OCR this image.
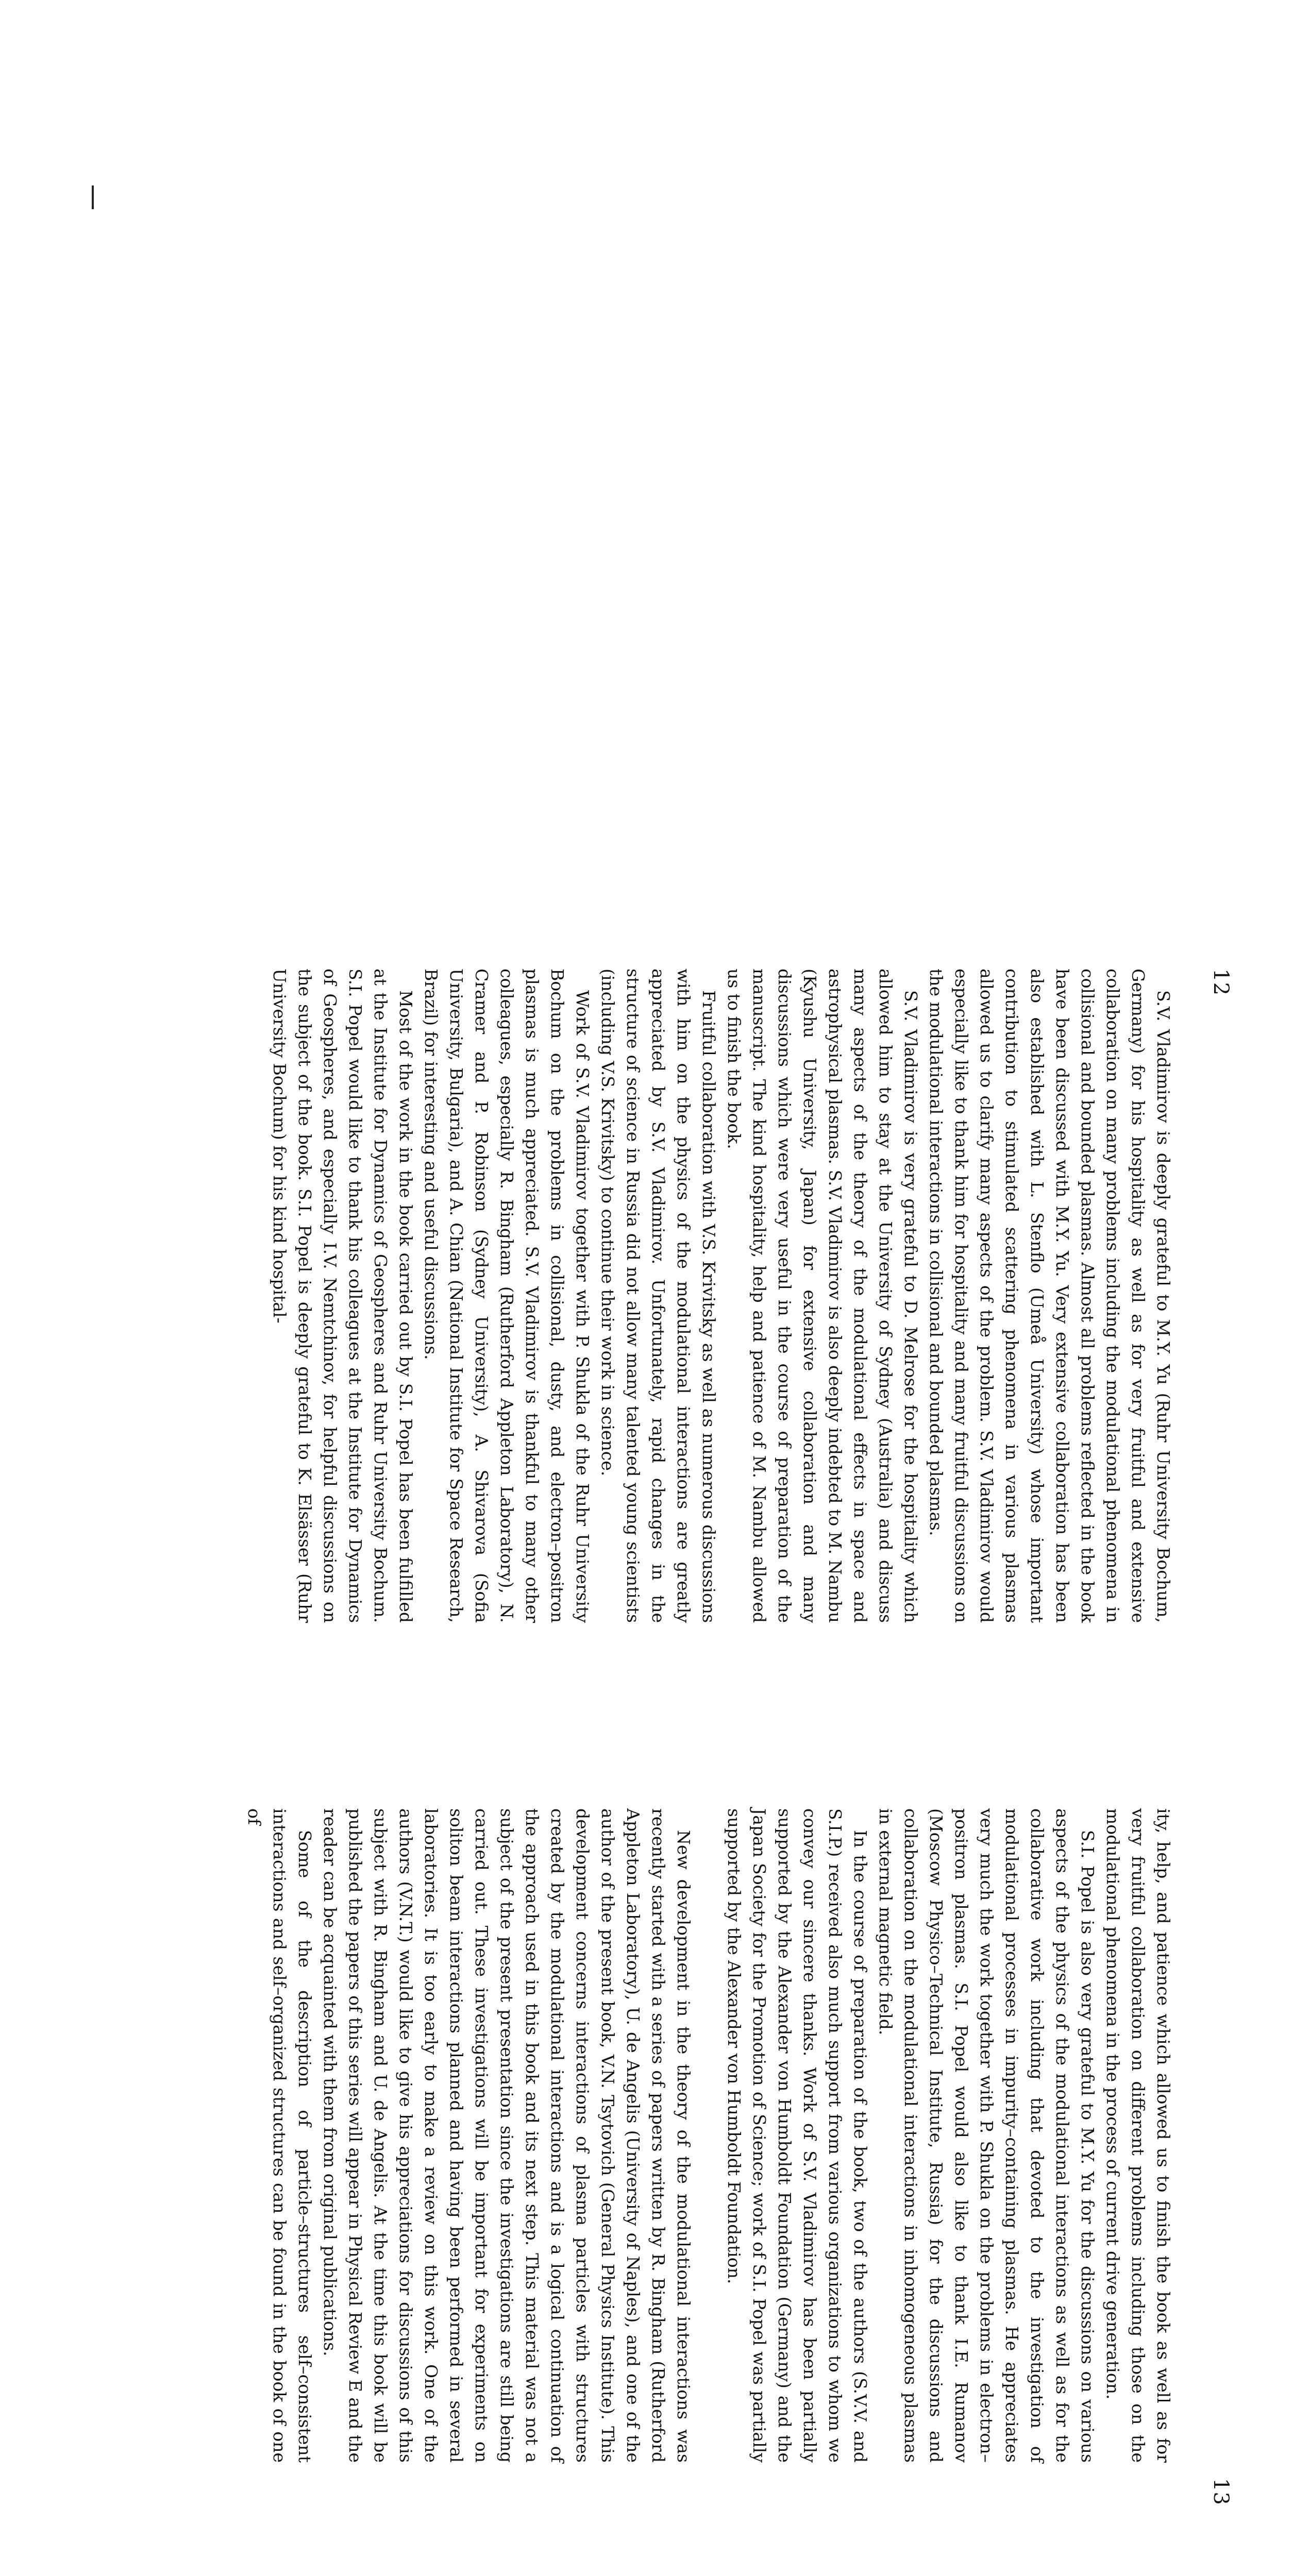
12

S.V. Vladimirov is deeply grateful to M.Y. Yu (Ruhr University Bochum, Germany) for his hospitality as well as for very fruitful and extensive collaboration on many problems including the modulational phenomena in collisional and bounded plasmas. Almost all problems reflected in the book have been discussed with M.Y. Yu. Very extensive collaboration has been also established with L. Stenflo (Umeå University) whose important contribution to stimulated scattering phenomena in various plasmas allowed us to clarify many aspects of the problem. S.V. Vladimirov would especially like to thank him for hospitality and many fruitful discussions on the modulational interactions in collisional and bounded plasmas.

S.V. Vladimirov is very grateful to D. Melrose for the hospitality which allowed him to stay at the University of Sydney (Australia) and discuss many aspects of the theory of the modulational effects in space and astrophysical plasmas. S.V. Vladimirov is also deeply indebted to M. Nambu (Kyushu University, Japan) for extensive collaboration and many discussions which were very useful in the course of preparation of the manuscript. The kind hospitality, help and patience of M. Nambu allowed us to finish the book.

Fruitful collaboration with V.S. Krivitsky as well as numerous discussions with him on the physics of the modulational interactions are greatly appreciated by S.V. Vladimirov. Unfortunately, rapid changes in the structure of science in Russia did not allow many talented young scientists (including V.S. Krivitsky) to continue their work in science.

Work of S.V. Vladimirov together with P. Shukla of the Ruhr University Bochum on the problems in collisional, dusty, and electron–positron plasmas is much appreciated. S.V. Vladimirov is thankful to many other colleagues, especially R. Bingham (Rutherford Appleton Laboratory), N. Cramer and P. Robinson (Sydney University), A. Shivarova (Sofia University, Bulgaria), and A. Chian (National Institute for Space Research, Brazil) for interesting and useful discussions.

Most of the work in the book carried out by S.I. Popel has been fulfilled at the Institute for Dynamics of Geospheres and Ruhr University Bochum. S.I. Popel would like to thank his colleagues at the Institute for Dynamics of Geospheres, and especially I.V. Nemtchinov, for helpful discussions on the subject of the book. S.I. Popel is deeply grateful to K. Elsässer (Ruhr University Bochum) for his kind hospital-

13

ity, help, and patience which allowed us to finish the book as well as for very fruitful collaboration on different problems including those on the modulational phenomena in the process of current drive generation.

S.I. Popel is also very grateful to M.Y. Yu for the discussions on various aspects of the physics of the modulational interactions as well as for the collaborative work including that devoted to the investigation of modulational processes in impurity–containing plasmas. He appreciates very much the work together with P. Shukla on the problems in electron–positron plasmas. S.I. Popel would also like to thank I.E. Rumanov (Moscow Physico–Technical Institute, Russia) for the discussions and collaboration on the modulational interactions in inhomogeneous plasmas in external magnetic field.

In the course of preparation of the book, two of the authors (S.V.V. and S.I.P.) received also much support from various organizations to whom we convey our sincere thanks. Work of S.V. Vladimirov has been partially supported by the Alexander von Humboldt Foundation (Germany) and the Japan Society for the Promotion of Science; work of S.I. Popel was partially supported by the Alexander von Humboldt Foundation.

New development in the theory of the modulational interactions was recently started with a series of papers written by R. Bingham (Rutherford Appleton Laboratory), U. de Angelis (University of Naples), and one of the author of the present book, V.N. Tsytovich (General Physics Institute). This development concerns interactions of plasma particles with structures created by the modulational interactions and is a logical continuation of the approach used in this book and its next step. This material was not a subject of the present presentation since the investigations are still being carried out. These investigations will be important for experiments on soliton beam interactions planned and having been performed in several laboratories. It is too early to make a review on this work. One of the authors (V.N.T.) would like to give his appreciations for discussions of this subject with R. Bingham and U. de Angelis. At the time this book will be published the papers of this series will appear in Physical Review E and the reader can be acquainted with them from original publications.

Some of the description of particle–structures self–consistent interactions and self–organized structures can be found in the book of one of
